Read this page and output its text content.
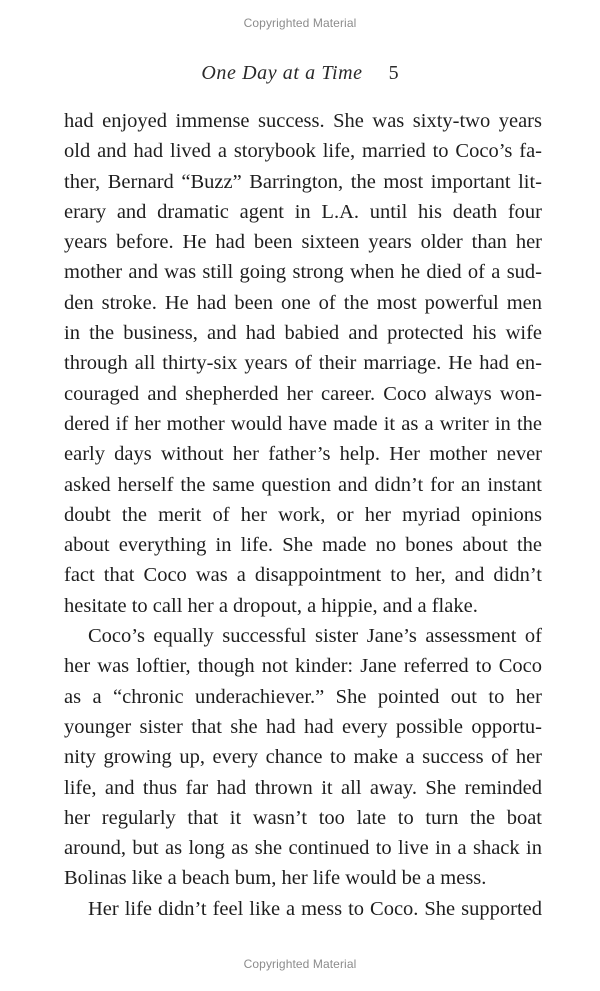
Copyrighted Material
One Day at a Time 5
had enjoyed immense success. She was sixty-two years
old and had lived a storybook life, married to Coco’s fa-
ther, Bernard “Buzz” Barrington, the most important lit-
erary and dramatic agent in L.A. until his death four
years before. He had been sixteen years older than her
mother and was still going strong when he died of a sud-
den stroke. He had been one of the most powerful men
in the business, and had babied and protected his wife
through all thirty-six years of their marriage. He had en-
couraged and shepherded her career. Coco always won-
dered if her mother would have made it as a writer in the
early days without her father’s help. Her mother never
asked herself the same question and didn’t for an instant
doubt the merit of her work, or her myriad opinions
about everything in life. She made no bones about the
fact that Coco was a disappointment to her, and didn’t
hesitate to call her a dropout, a hippie, and a flake.
Coco’s equally successful sister Jane’s assessment of
her was loftier, though not kinder: Jane referred to Coco
as a “chronic underachiever.” She pointed out to her
younger sister that she had had every possible opportu-
nity growing up, every chance to make a success of her
life, and thus far had thrown it all away. She reminded
her regularly that it wasn’t too late to turn the boat
around, but as long as she continued to live in a shack in
Bolinas like a beach bum, her life would be a mess.
Her life didn’t feel like a mess to Coco. She supported
Copyrighted Material
